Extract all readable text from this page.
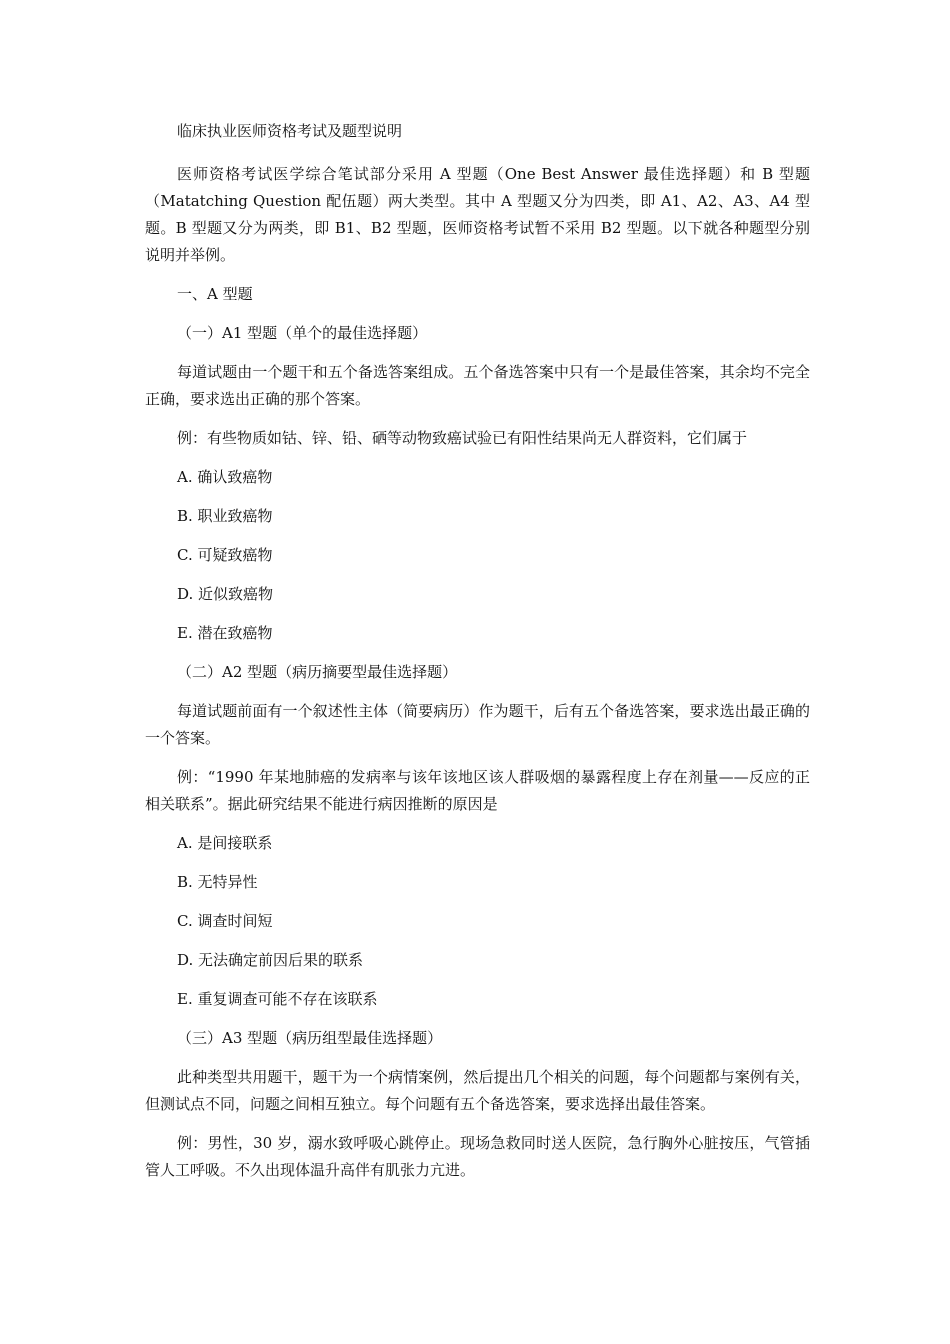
临床执业医师资格考试及题型说明

医师资格考试医学综合笔试部分采用 A 型题（One Best Answer 最佳选择题）和 B 型题（Matatching Question 配伍题）两大类型。其中 A 型题又分为四类，即 A1、A2、A3、A4 型题。B 型题又分为两类，即 B1、B2 型题，医师资格考试暂不采用 B2 型题。以下就各种题型分别说明并举例。

一、A 型题

（一）A1 型题（单个的最佳选择题）

每道试题由一个题干和五个备选答案组成。五个备选答案中只有一个是最佳答案，其余均不完全正确，要求选出正确的那个答案。

例：有些物质如钴、锌、铅、硒等动物致癌试验已有阳性结果尚无人群资料，它们属于

A. 确认致癌物

B. 职业致癌物

C. 可疑致癌物

D. 近似致癌物

E. 潜在致癌物

（二）A2 型题（病历摘要型最佳选择题）

每道试题前面有一个叙述性主体（简要病历）作为题干，后有五个备选答案，要求选出最正确的一个答案。

例：“1990 年某地肺癌的发病率与该年该地区该人群吸烟的暴露程度上存在剂量——反应的正相关联系”。据此研究结果不能进行病因推断的原因是

A. 是间接联系

B. 无特异性

C. 调查时间短

D. 无法确定前因后果的联系

E. 重复调查可能不存在该联系

（三）A3 型题（病历组型最佳选择题）

此种类型共用题干，题干为一个病情案例，然后提出几个相关的问题，每个问题都与案例有关，但测试点不同，问题之间相互独立。每个问题有五个备选答案，要求选择出最佳答案。

例：男性，30 岁，溺水致呼吸心跳停止。现场急救同时送人医院，急行胸外心脏按压，气管插管人工呼吸。不久出现体温升高伴有肌张力亢进。
